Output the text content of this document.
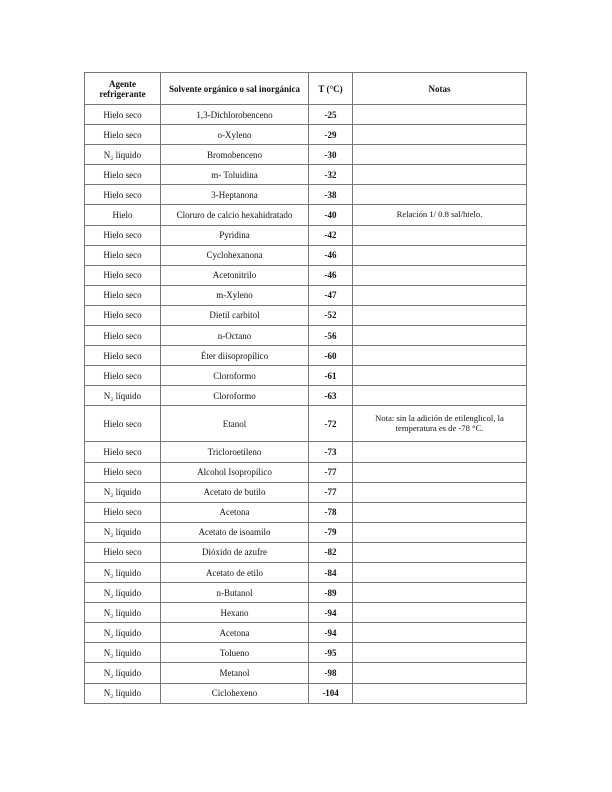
Agente refrigerante	Solvente orgánico o sal inorgánica	T (°C)	Notas
Hielo seco	1,3-Dichlorobenceno	-25	
Hielo seco	o-Xyleno	-29	
N₂ líquido	Bromobenceno	-30	
Hielo seco	m- Toluidina	-32	
Hielo seco	3-Heptanona	-38	
Hielo	Cloruro de calcio hexahidratado	-40	Relación 1/ 0.8 sal/hielo.
Hielo seco	Pyridina	-42	
Hielo seco	Cyclohexanona	-46	
Hielo seco	Acetonitrilo	-46	
Hielo seco	m-Xyleno	-47	
Hielo seco	Dietil carbitol	-52	
Hielo seco	n-Octano	-56	
Hielo seco	Éter diisopropílico	-60	
Hielo seco	Cloroformo	-61	
N₂ líquido	Cloroformo	-63	
Hielo seco	Etanol	-72	Nota: sin la adición de etilenglicol, la temperatura es de -78 °C.
Hielo seco	Tricloroetileno	-73	
Hielo seco	Alcohol Isopropílico	-77	
N₂ líquido	Acetato de butilo	-77	
Hielo seco	Acetona	-78	
N₂ líquido	Acetato de isoamilo	-79	
Hielo seco	Dióxido de azufre	-82	
N₂ líquido	Acetato de etilo	-84	
N₂ líquido	n-Butanol	-89	
N₂ líquido	Hexano	-94	
N₂ líquido	Acetona	-94	
N₂ líquido	Tolueno	-95	
N₂ líquido	Metanol	-98	
N₂ líquido	Ciclohexeno	-104	
